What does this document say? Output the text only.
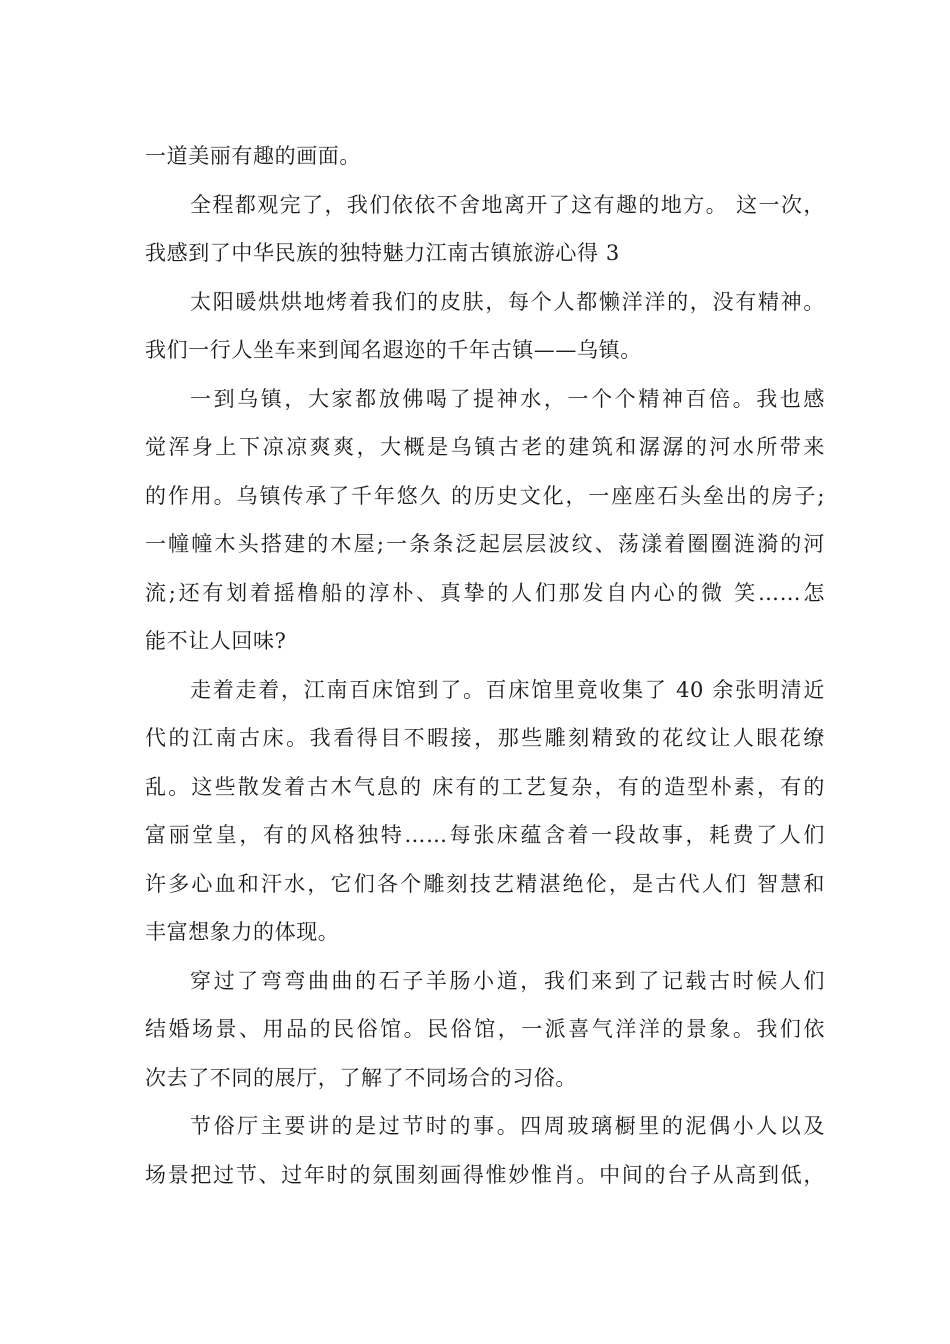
一道美丽有趣的画面。
全程都观完了，我们依依不舍地离开了这有趣的地方。 这一次，
我感到了中华民族的独特魅力江南古镇旅游心得 3
太阳暖烘烘地烤着我们的皮肤，每个人都懒洋洋的，没有精神。
我们一行人坐车来到闻名遐迩的千年古镇——乌镇。
一到乌镇，大家都放佛喝了提神水，一个个精神百倍。我也感
觉浑身上下凉凉爽爽，大概是乌镇古老的建筑和潺潺的河水所带来
的作用。乌镇传承了千年悠久 的历史文化，一座座石头垒出的房子;
一幢幢木头搭建的木屋;一条条泛起层层波纹、荡漾着圈圈涟漪的河
流;还有划着摇橹船的淳朴、真挚的人们那发自内心的微 笑……怎
能不让人回味?
走着走着，江南百床馆到了。百床馆里竟收集了 40 余张明清近
代的江南古床。我看得目不暇接，那些雕刻精致的花纹让人眼花缭
乱。这些散发着古木气息的 床有的工艺复杂，有的造型朴素，有的
富丽堂皇，有的风格独特……每张床蕴含着一段故事，耗费了人们
许多心血和汗水，它们各个雕刻技艺精湛绝伦，是古代人们 智慧和
丰富想象力的体现。
穿过了弯弯曲曲的石子羊肠小道，我们来到了记载古时候人们
结婚场景、用品的民俗馆。民俗馆，一派喜气洋洋的景象。我们依
次去了不同的展厅，了解了不同场合的习俗。
节俗厅主要讲的是过节时的事。四周玻璃橱里的泥偶小人以及
场景把过节、过年时的氛围刻画得惟妙惟肖。中间的台子从高到低，
